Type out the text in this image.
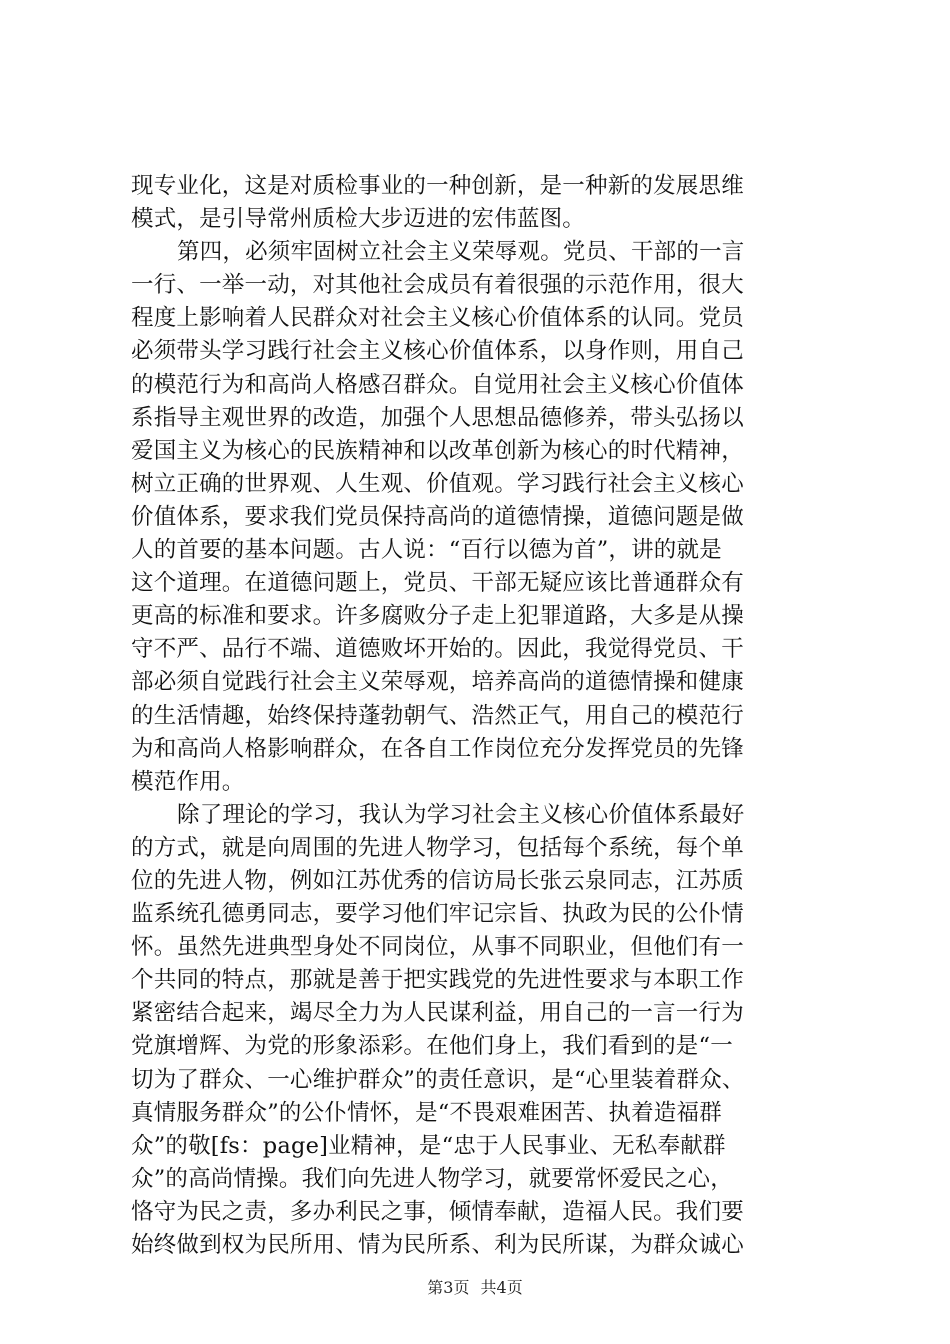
现专业化，这是对质检事业的一种创新，是一种新的发展思维
模式，是引导常州质检大步迈进的宏伟蓝图。
第四，必须牢固树立社会主义荣辱观。党员、干部的一言
一行、一举一动，对其他社会成员有着很强的示范作用，很大
程度上影响着人民群众对社会主义核心价值体系的认同。党员
必须带头学习践行社会主义核心价值体系，以身作则，用自己
的模范行为和高尚人格感召群众。自觉用社会主义核心价值体
系指导主观世界的改造，加强个人思想品德修养，带头弘扬以
爱国主义为核心的民族精神和以改革创新为核心的时代精神，
树立正确的世界观、人生观、价值观。学习践行社会主义核心
价值体系，要求我们党员保持高尚的道德情操，道德问题是做
人的首要的基本问题。古人说：“百行以德为首”，讲的就是
这个道理。在道德问题上，党员、干部无疑应该比普通群众有
更高的标准和要求。许多腐败分子走上犯罪道路，大多是从操
守不严、品行不端、道德败坏开始的。因此，我觉得党员、干
部必须自觉践行社会主义荣辱观，培养高尚的道德情操和健康
的生活情趣，始终保持蓬勃朝气、浩然正气，用自己的模范行
为和高尚人格影响群众，在各自工作岗位充分发挥党员的先锋
模范作用。
除了理论的学习，我认为学习社会主义核心价值体系最好
的方式，就是向周围的先进人物学习，包括每个系统，每个单
位的先进人物，例如江苏优秀的信访局长张云泉同志，江苏质
监系统孔德勇同志，要学习他们牢记宗旨、执政为民的公仆情
怀。虽然先进典型身处不同岗位，从事不同职业，但他们有一
个共同的特点，那就是善于把实践党的先进性要求与本职工作
紧密结合起来，竭尽全力为人民谋利益，用自己的一言一行为
党旗增辉、为党的形象添彩。在他们身上，我们看到的是“一
切为了群众、一心维护群众”的责任意识，是“心里装着群众、
真情服务群众”的公仆情怀，是“不畏艰难困苦、执着造福群
众”的敬[fs：page]业精神，是“忠于人民事业、无私奉献群
众”的高尚情操。我们向先进人物学习，就要常怀爱民之心，
恪守为民之责，多办利民之事，倾情奉献，造福人民。我们要
始终做到权为民所用、情为民所系、利为民所谋，为群众诚心
第3页 共4页
